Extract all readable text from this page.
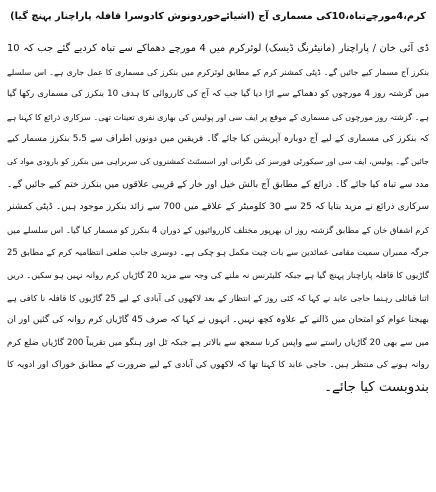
کرم،4مورچےتباہ،10کی مسماری آج (اشیائےخوردونوش کادوسرا قافلہ پاراچنار پہنچ گیا)
ڈی آئی خان / پاراچنار (مانیٹرنگ ڈیسک) لوئرکرم میں 4 مورچے دھماکے سے تباہ کردیے گئے جب کہ 10
بنکرز آج مسمار کیے جائیں گے۔ ڈپٹی کمشنر کرم کے مطابق لوئرکرم میں بنکرز کی مسماری کا عمل جاری ہے۔ اس سلسلے
میں گزشتہ روز 4 مورچوں کو دھماکے سے اڑا دیا گیا جب کہ آج کی کارروائی کا ہدف 10 بنکرز کی مسماری رکھا گیا
ہے۔ گزشتہ روز مورچوں کی مسماری کے موقع پر ایف سی اور پولیس کی بھاری نفری تعینات تھی۔ سرکاری ذرائع کا کہنا ہے
کہ بنکرز کی مسماری کے لیے آج دوبارہ آپریشن کیا جائے گا۔ فریقین میں دونوں اطراف سے 5،5 بنکرز مسمار کیے
جائیں گے۔ پولیس، ایف سی اور سیکورٹی فورسز کی نگرانی اور اسسٹنٹ کمشنروں کی سربراہی میں بنکرز کو بارودی مواد کی
مدد سے تباہ کیا جائے گا۔ ذرائع کے مطابق آج بالش خیل اور خار کے قریبی علاقوں میں بنکرز ختم کیے جائیں گے۔
سرکاری ذرائع نے مزید بتایا کہ 25 سے 30 کلومیٹر کے علاقے میں 700 سے زائد بنکرز موجود ہیں۔ ڈپٹی کمشنر
کرم اشفاق خان کے مطابق گزشتہ روز ان بھرپور مختلف کارروائیوں کے دوران 4 بنکرز کو مسمار کیا گیا۔ اس سلسلے میں
جرگہ ممبران سمیت مقامی عمائدین سے بات چیت مکمل ہو چکی ہے۔ دوسری جانب ضلعی انتظامیہ کرم کے مطابق 25
گاڑیوں کا قافلہ پاراچنار پہنچ گیا ہے جبکہ کلیئرنس نہ ملنے کی وجہ سے مزید 20 گاڑیاں کرم روانہ نہیں ہو سکیں۔ دریں
اثنا قبائلی رہنما حاجی عابد نے کہا کہ کئی روز کے انتظار کے بعد لاکھوں کی آبادی کے لیے 25 گاڑیوں کا قافلہ نا کافی ہے
بھیجنا عوام کو امتحان میں ڈالنے کے علاوہ کچھ نہیں۔ انہوں نے کہا کہ صرف 45 گاڑیاں کرم روانہ کی گئیں اور ان
میں سے بھی 20 گاڑیاں راستے سے واپس کرنا سمجھ سے بالاتر ہے جبکہ ٹل اور ہنگو میں تقریباً 200 گاڑیاں ضلع کرم
روانہ ہونے کی منتظر ہیں۔ حاجی عابد کا کہنا تھا کہ لاکھوں کی آبادی کے لیے ضرورت کے مطابق خوراک اور ادویہ کا
بندوبست کیا جائے۔
